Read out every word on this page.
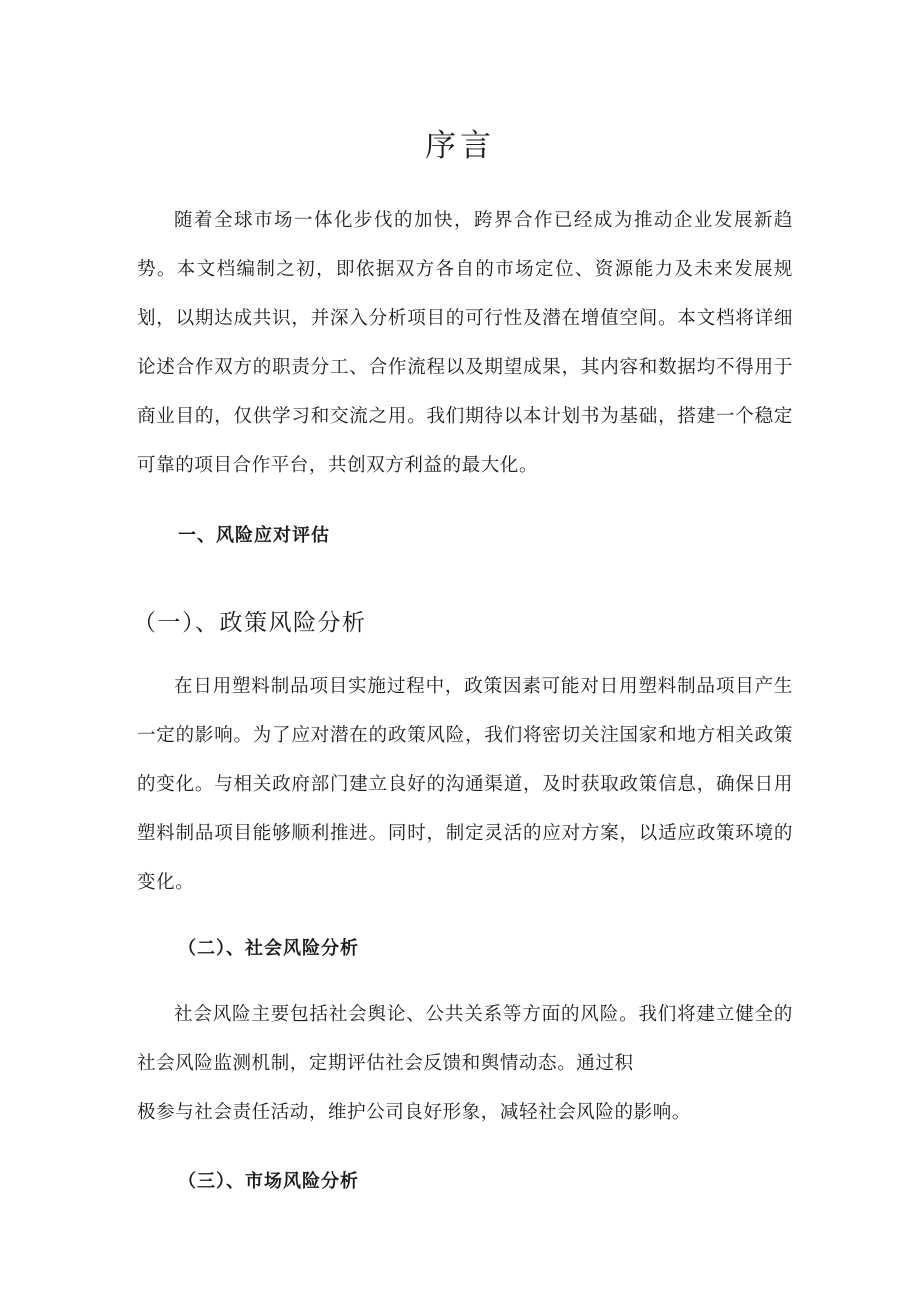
序言

随着全球市场一体化步伐的加快，跨界合作已经成为推动企业发展新趋势。本文档编制之初，即依据双方各自的市场定位、资源能力及未来发展规划，以期达成共识，并深入分析项目的可行性及潜在增值空间。本文档将详细论述合作双方的职责分工、合作流程以及期望成果，其内容和数据均不得用于商业目的，仅供学习和交流之用。我们期待以本计划书为基础，搭建一个稳定可靠的项目合作平台，共创双方利益的最大化。

一、风险应对评估
（一）、政策风险分析

在日用塑料制品项目实施过程中，政策因素可能对日用塑料制品项目产生一定的影响。为了应对潜在的政策风险，我们将密切关注国家和地方相关政策的变化。与相关政府部门建立良好的沟通渠道，及时获取政策信息，确保日用塑料制品项目能够顺利推进。同时，制定灵活的应对方案，以适应政策环境的变化。

（二）、社会风险分析

社会风险主要包括社会舆论、公共关系等方面的风险。我们将建立健全的社会风险监测机制，定期评估社会反馈和舆情动态。通过积

极参与社会责任活动，维护公司良好形象，减轻社会风险的影响。

（三）、市场风险分析
